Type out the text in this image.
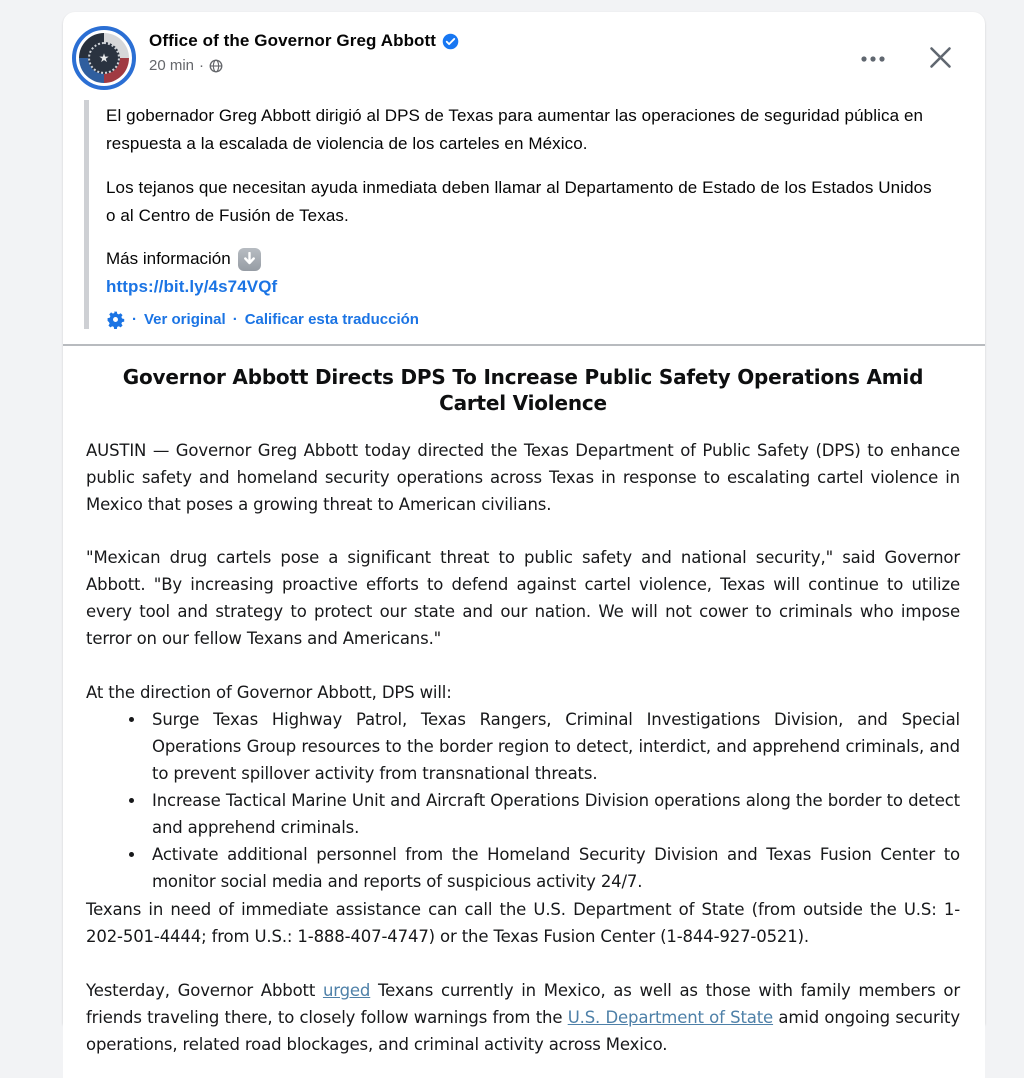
★
Office of the Governor Greg Abbott
20 min ·

El gobernador Greg Abbott dirigió al DPS de Texas para aumentar las operaciones de seguridad pública en respuesta a la escalada de violencia de los carteles en México.

Los tejanos que necesitan ayuda inmediata deben llamar al Departamento de Estado de los Estados Unidos o al Centro de Fusión de Texas.

Más información
https://bit.ly/4s74VQf
· Ver original · Calificar esta traducción
Governor Abbott Directs DPS To Increase Public Safety Operations Amid Cartel Violence

AUSTIN — Governor Greg Abbott today directed the Texas Department of Public Safety (DPS) to enhance public safety and homeland security operations across Texas in response to escalating cartel violence in Mexico that poses a growing threat to American civilians.

"Mexican drug cartels pose a significant threat to public safety and national security," said Governor Abbott. "By increasing proactive efforts to defend against cartel violence, Texas will continue to utilize every tool and strategy to protect our state and our nation. We will not cower to criminals who impose terror on our fellow Texans and Americans."

At the direction of Governor Abbott, DPS will:

• Surge Texas Highway Patrol, Texas Rangers, Criminal Investigations Division, and Special Operations Group resources to the border region to detect, interdict, and apprehend criminals, and to prevent spillover activity from transnational threats.
• Increase Tactical Marine Unit and Aircraft Operations Division operations along the border to detect and apprehend criminals.
• Activate additional personnel from the Homeland Security Division and Texas Fusion Center to monitor social media and reports of suspicious activity 24/7.

Texans in need of immediate assistance can call the U.S. Department of State (from outside the U.S: 1-202-501-4444; from U.S.: 1-888-407-4747) or the Texas Fusion Center (1-844-927-0521).

Yesterday, Governor Abbott urged Texans currently in Mexico, as well as those with family members or friends traveling there, to closely follow warnings from the U.S. Department of State amid ongoing security operations, related road blockages, and criminal activity across Mexico.
